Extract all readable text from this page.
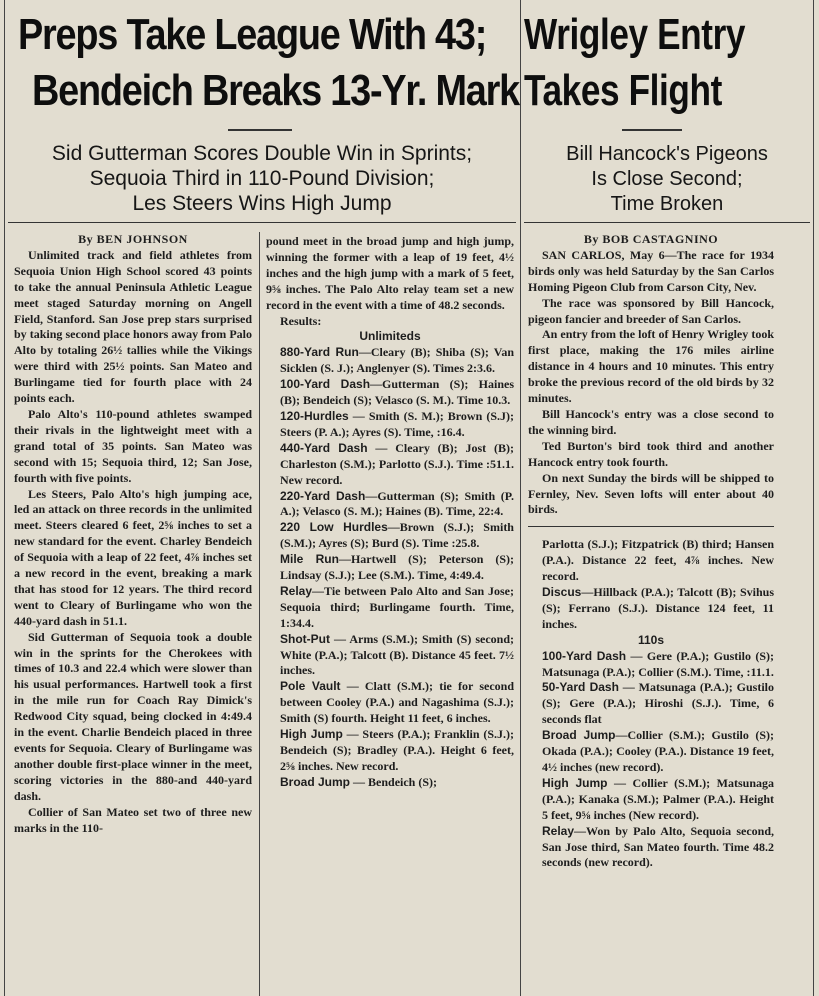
Preps Take League With 43;
Bendeich Breaks 13-Yr. Mark
Sid Gutterman Scores Double Win in Sprints;
Sequoia Third in 110-Pound Division;
Les Steers Wins High Jump

By BEN JOHNSON

Unlimited track and field athletes from Sequoia Union High School scored 43 points to take the annual Peninsula Athletic League meet staged Saturday morning on Angell Field, Stanford. San Jose prep stars surprised by taking second place honors away from Palo Alto by totaling 26½ tallies while the Vikings were third with 25½ points. San Mateo and Burlingame tied for fourth place with 24 points each.

Palo Alto's 110-pound athletes swamped their rivals in the lightweight meet with a grand total of 35 points. San Mateo was second with 15; Sequoia third, 12; San Jose, fourth with five points.

Les Steers, Palo Alto's high jumping ace, led an attack on three records in the unlimited meet. Steers cleared 6 feet, 2⅝ inches to set a new standard for the event. Charley Bendeich of Sequoia with a leap of 22 feet, 4⅞ inches set a new record in the event, breaking a mark that has stood for 12 years. The third record went to Cleary of Burlingame who won the 440-yard dash in 51.1.

Sid Gutterman of Sequoia took a double win in the sprints for the Cherokees with times of 10.3 and 22.4 which were slower than his usual performances. Hartwell took a first in the mile run for Coach Ray Dimick's Redwood City squad, being clocked in 4:49.4 in the event. Charlie Bendeich placed in three events for Sequoia. Cleary of Burlingame was another double first-place winner in the meet, scoring victories in the 880-and 440-yard dash.

Collier of San Mateo set two of three new marks in the 110-

pound meet in the broad jump and high jump, winning the former with a leap of 19 feet, 4½ inches and the high jump with a mark of 5 feet, 9⅝ inches. The Palo Alto relay team set a new record in the event with a time of 48.2 seconds.

Results:

Unlimiteds

880-Yard Run—Cleary (B); Shiba (S); Van Sicklen (S. J.); Anglenyer (S). Times 2:3.6.

100-Yard Dash—Gutterman (S); Haines (B); Bendeich (S); Velasco (S. M.). Time 10.3.

120-Hurdles — Smith (S. M.); Brown (S.J); Steers (P. A.); Ayres (S). Time, :16.4.

440-Yard Dash — Cleary (B); Jost (B); Charleston (S.M.); Parlotto (S.J.). Time :51.1. New record.

220-Yard Dash—Gutterman (S); Smith (P. A.); Velasco (S. M.); Haines (B). Time, 22:4.

220 Low Hurdles—Brown (S.J.); Smith (S.M.); Ayres (S); Burd (S). Time :25.8.

Mile Run—Hartwell (S); Peterson (S); Lindsay (S.J.); Lee (S.M.). Time, 4:49.4.

Relay—Tie between Palo Alto and San Jose; Sequoia third; Burlingame fourth. Time, 1:34.4.

Shot-Put — Arms (S.M.); Smith (S) second; White (P.A.); Talcott (B). Distance 45 feet. 7½ inches.

Pole Vault — Clatt (S.M.); tie for second between Cooley (P.A.) and Nagashima (S.J.); Smith (S) fourth. Height 11 feet, 6 inches.

High Jump — Steers (P.A.); Franklin (S.J.); Bendeich (S); Bradley (P.A.). Height 6 feet, 2⅝ inches. New record.

Broad Jump — Bendeich (S);

Wrigley Entry
Takes Flight
Bill Hancock's Pigeons
Is Close Second;
Time Broken

By BOB CASTAGNINO

SAN CARLOS, May 6—The race for 1934 birds only was held Saturday by the San Carlos Homing Pigeon Club from Carson City, Nev.

The race was sponsored by Bill Hancock, pigeon fancier and breeder of San Carlos.

An entry from the loft of Henry Wrigley took first place, making the 176 miles airline distance in 4 hours and 10 minutes. This entry broke the previous record of the old birds by 32 minutes.

Bill Hancock's entry was a close second to the winning bird.

Ted Burton's bird took third and another Hancock entry took fourth.

On next Sunday the birds will be shipped to Fernley, Nev. Seven lofts will enter about 40 birds.

Parlotta (S.J.); Fitzpatrick (B) third; Hansen (P.A.). Distance 22 feet, 4⅞ inches. New record.

Discus—Hillback (P.A.); Talcott (B); Svihus (S); Ferrano (S.J.). Distance 124 feet, 11 inches.

110s

100-Yard Dash — Gere (P.A.); Gustilo (S); Matsunaga (P.A.); Collier (S.M.). Time, :11.1.

50-Yard Dash — Matsunaga (P.A.); Gustilo (S); Gere (P.A.); Hiroshi (S.J.). Time, 6 seconds flat

Broad Jump—Collier (S.M.); Gustilo (S); Okada (P.A.); Cooley (P.A.). Distance 19 feet, 4½ inches (new record).

High Jump — Collier (S.M.); Matsunaga (P.A.); Kanaka (S.M.); Palmer (P.A.). Height 5 feet, 9⅝ inches (New record).

Relay—Won by Palo Alto, Sequoia second, San Jose third, San Mateo fourth. Time 48.2 seconds (new record).
